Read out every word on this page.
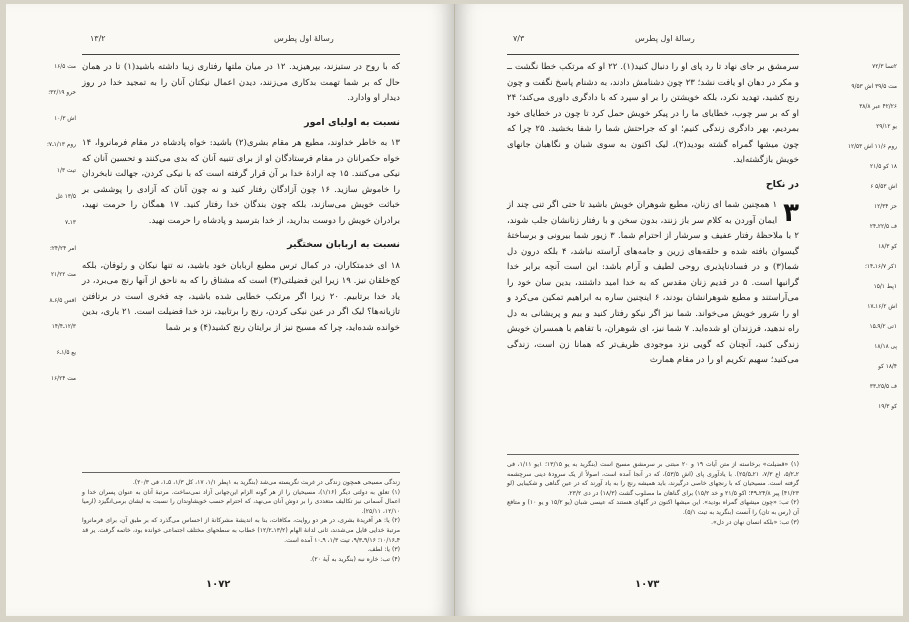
رسالهٔ اول پطرس
۱۳/۲

که با روح در ستیزند، بپرهیزید. ۱۲ در میان ملتها رفتاری زیبا داشته باشید(۱) تا در همان حال که بر شما تهمت بدکاری می‌زنند، دیدن اعمال نیکتان آنان را به تمجید خدا در روز دیدار او وادارد.

نسبت به اولیای امور

۱۳ به خاطر خداوند، مطیع هر مقام بشری(۲) باشید: خواه پادشاه در مقام فرمانروا، ۱۴ خواه حکمرانان در مقام فرستادگان او از برای تنبیه آنان که بدی می‌کنند و تحسین آنان که نیکی می‌کنند. ۱۵ چه ارادهٔ خدا بر آن قرار گرفته است که با نیکی کردن، جهالت نابخردان را خاموش سازید. ۱۶ چون آزادگان رفتار کنید و نه چون آنان که آزادی را پوششی بر خباثت خویش می‌سازند، بلکه چون بندگان خدا رفتار کنید. ۱۷ همگان را حرمت نهید، برادران خویش را دوست بدارید، از خدا بترسید و پادشاه را حرمت نهید.

نسبت به اربابان سختگیر

۱۸ ای خدمتکاران، در کمال ترس مطیع اربابان خود باشید، نه تنها نیکان و رئوفان، بلکه کج‌خلقان نیز. ۱۹ زیرا این فضیلتی(۳) است که مشتاق را که به ناحق از آنها رنج می‌برد، در یاد خدا برتابیم. ۲۰ زیرا اگر مرتکب خطایی شده باشید، چه فخری است در برتافتن تازیانه‌ها؟ لیک اگر در عین نیکی کردن، رنج را برتابید، نزد خدا فضیلت است. ۲۱ باری، بدین خوانده شده‌اید، چرا که مسیح نیز از برایتان رنج کشید(۴) و بر شما

مت ۱۶/۵
خرو ۳۲/۱۹؛
اش ۱۰/۳
روم ۱/۱۳ـ۷؛
تیت ۱/۳
۱۳/۵ غل
۱۳ـ۷
امر ۲۴/۲۴؛
مت ۲۱/۲۲
افس ۶/۵ـ۸
۱۲/۳ـ۱۴/۴
یع ۱/۵ـ۶
مت ۱۶/۲۴

زندگی مسیحی همچون زندگی در غربت نگریسته می‌شد (بنگرید به ۱پطر ۱/۱، ۱۷، کل ۱/۳، ۵ـ۱، فی ۲۰/۳).

(۱) تعلق به دولتی دیگر (۱/۱۶)، مسیحیان را از هر گونه الزام این‌جهانی آزاد نمی‌ساخت. مرتبهٔ آنان به عنوان پسران خدا و اعمال آسمانی نیز تکالیف متعددی را بر دوش آنان می‌نهد، که احترام حسب خویشاوندان را نسبت به ایشان برمی‌انگیزد (ارمیا ۱۲/۱۰، ۲۵/۱۱).

(۲) یا: هر آفریدهٔ بشری، در هر دو روایت، مکافات، بنا به اندیشهٔ مشرکانهٔ از احساس می‌گذرد که بر طبق آن، برای فرمانروا مرتبهٔ خدایی قایل می‌شدند، ثانی لدانهٔ الهام (۱۳/۲ـ۱۲/۲) خطاب به سطحهای مختلف اجتماعی خوانده بود، خاتمه گرفت. یر قد ۴ـ۱۰/۱۶؛ ۹/۱۶ـ۹/۳، تیت ۱/۳، ۹ـ۱۰ آمده است.

(۳) یا: لطف.

(۴) تب: خاره نبه (بنگرید به آیهٔ ۲۰).

۱۰۷۲
رسالهٔ اول پطرس
۷/۳

سرمشق بر جای نهاد تا رد پای او را دنبال کنید(۱). ۲۲ او که مرتکب خطا نگشت ــ و مکر در دهان او یافت نشد؛ ۲۳ چون دشنامش دادند، به دشنام پاسخ نگفت و چون رنج کشید، تهدید نکرد، بلکه خویشتن را بر او سپرد که با دادگری داوری می‌کند؛ ۲۴ او که بر سر چوب، خطایای ما را در پیکر خویش حمل کرد تا چون در خطایای خود بمردیم، بهر دادگری زندگی کنیم؛ او که جراحتش شما را شفا بخشید. ۲۵ چرا که چون میشها گمراه گشته بودید(۲)، لیک اکنون به سوی شبان و نگاهبان جانهای خویش بازگشته‌اید.

در نکاح

۳
۱ همچنین شما ای زنان، مطیع شوهران خویش باشید تا حتی اگر تنی چند از ایمان آوردن به کلام سر باز زنند، بدون سخن و با رفتار زنانشان جلب شوند، ۲ با ملاحظهٔ رفتار عفیف و سرشار از احترام شما. ۳ زیور شما بیرونی و برساختهٔ گیسوان بافته شده و حلقه‌های زرین و جامه‌های آراسته نباشد، ۴ بلکه درون دل شما(۳) و در فسادناپذیری روحی لطیف و آرام باشد: این است آنچه برابر خدا گرانبها است. ۵ در قدیم زنان مقدس که به خدا امید داشتند، بدین سان خود را می‌آراستند و مطیع شوهرانشان بودند، ۶ اینچنین ساره به ابراهیم تمکین می‌کرد و او را سَرور خویش می‌خواند. شما نیز اگر نیکو رفتار کنید و بیم و پریشانی به دل راه ندهید، فرزندان او شده‌اید. ۷ شما نیز، ای شوهران، با تفاهم با همسران خویش زندگی کنید، آنچنان که گویی نزد موجودی ظریف‌تر که همانا زن است، زندگی می‌کنید؛ سهیم تکریم او را در مقام همارث

۲تسا ۷۲/۳
مت ۳۹/۵ اش ۹/۵۳
۴۲/۲۶ عبر ۳۸/۸
یو ۲۹/۱۲
روم ۱۱/۶ اش ۱۲/۵۳
۱۸ کو ۲۱/۵
اش ۵/۵۳ ۶
حز ۱۲/۳۴
ف ۲۲/۵ـ۲۴
کو ۱۸/۳
۱کر ۱۶/۷ـ۱۴؛
۱پط ۱۵/۱
اش ۱۶/۲ـ۱۷
۱تی ۹/۲ـ۱۵
پی ۱۸/۱۸
۱۸/۴ کو
ف ۲۵/۵ـ۳۳
کو ۱۹/۳

(۱) «قضیلت» برخاسته از متن آیات ۱۹ و ۲۰ مبتنی بر سرمشق مسیح است (بنگرید به یو ۱۳/۱۵؛ ۱یو ۱/۱۱، فی ۲ـ۵/۲، اع ۷/۳، ۲۱ـ۲۵/۵). با یادآوری پای (اش ۵۳/۵)، که در آنجا آمده است، اصولاً از یک سرودهٔ دینی سرچشمه گرفته است. مسیحیان که با رنجهای خاصی درگیرند، باید همیشه رنج را به یاد آورند که در عین گناهی و شکیبایی (لو ۴۱/۲۳) پیر ۲۴/۸ـ۴۹؛ اکو ۲۱/۵ و خد ۱۵/۲) برای گناهان ما مصلوب گشت (۱۸/۳) در دی ۲۳/۲.

(۲) تب: «چون میشهای گمراه بودید». این میشها اکنون در گلهای هستند که عیسی شبان (یو ۱۵/۲ و یو ۱۰) و متافع آن (رس به تان) را آنست (بنگرید به تیت ۵/۱).

(۳) تب: «بلکه انسان نهان در دل».

۱۰۷۳
